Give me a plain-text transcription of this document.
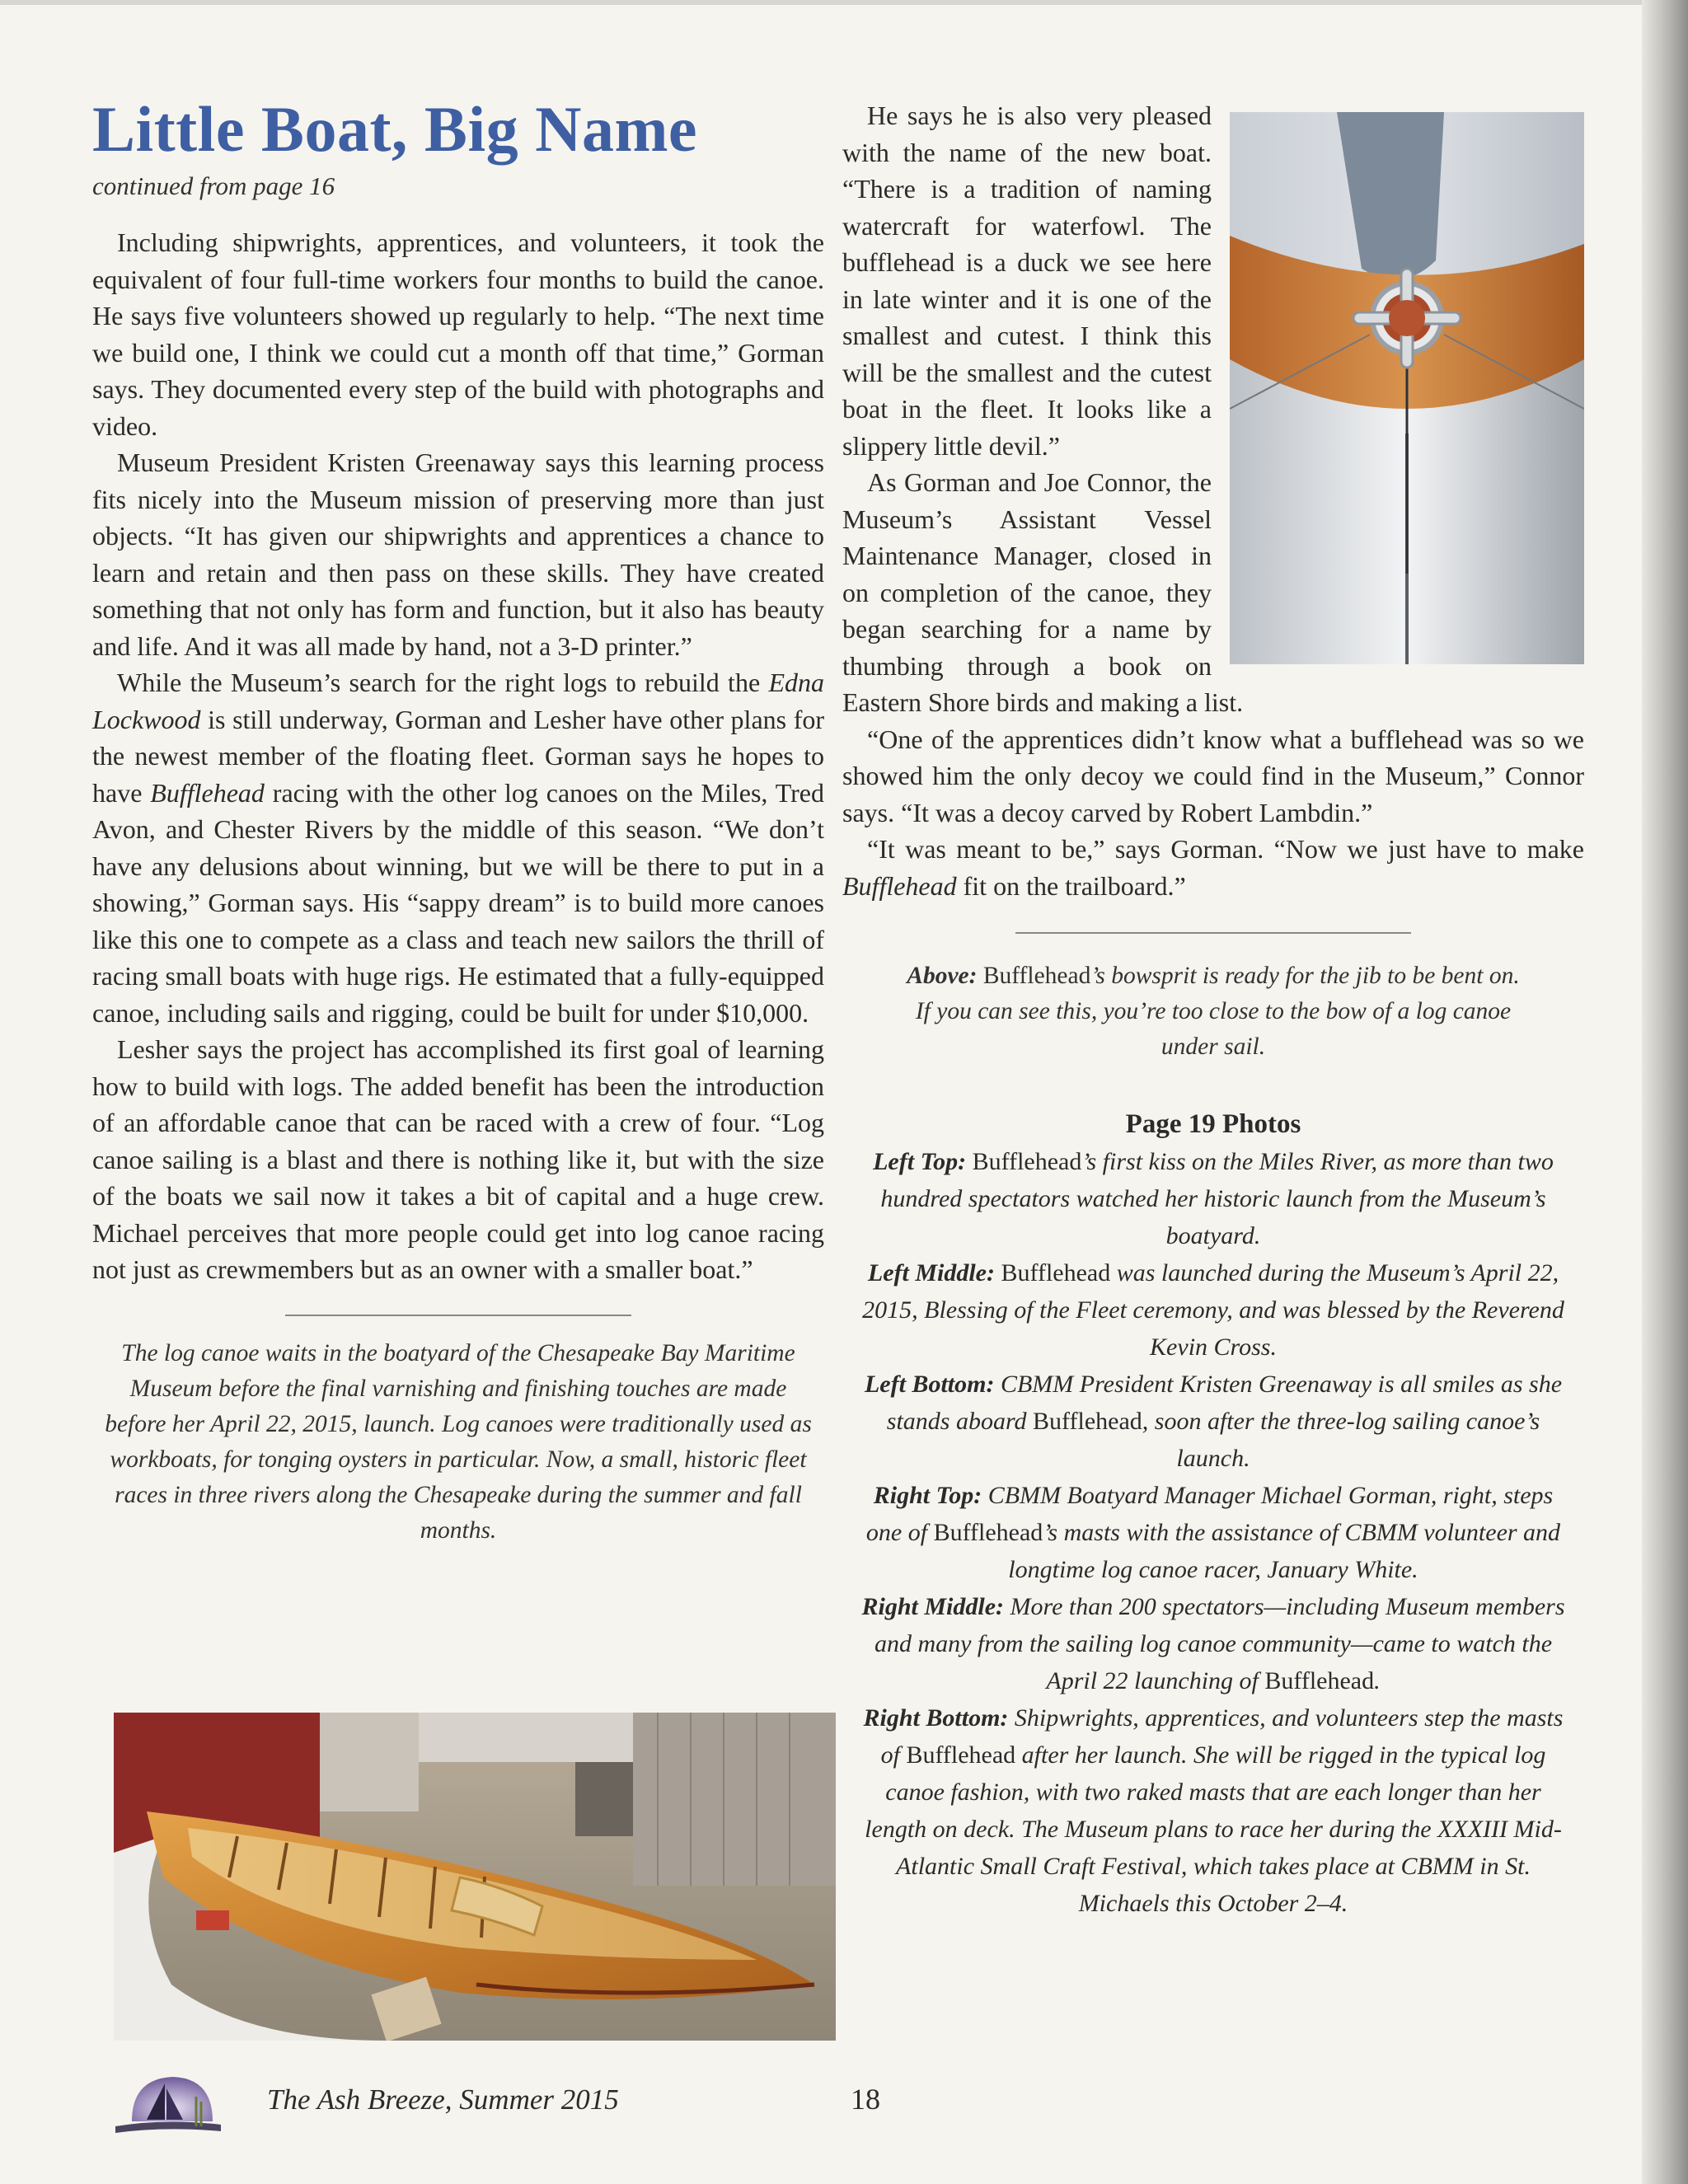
Little Boat, Big Name
continued from page 16

Including shipwrights, apprentices, and volunteers, it took the equivalent of four full-time workers four months to build the canoe. He says five volunteers showed up regularly to help. “The next time we build one, I think we could cut a month off that time,” Gorman says. They documented every step of the build with photographs and video.

Museum President Kristen Greenaway says this learning process fits nicely into the Museum mission of preserving more than just objects. “It has given our shipwrights and apprentices a chance to learn and retain and then pass on these skills. They have created something that not only has form and function, but it also has beauty and life. And it was all made by hand, not a 3-D printer.”

While the Museum’s search for the right logs to rebuild the Edna Lockwood is still underway, Gorman and Lesher have other plans for the newest member of the floating fleet. Gorman says he hopes to have Bufflehead racing with the other log canoes on the Miles, Tred Avon, and Chester Rivers by the middle of this season. “We don’t have any delusions about winning, but we will be there to put in a showing,” Gorman says. His “sappy dream” is to build more canoes like this one to compete as a class and teach new sailors the thrill of racing small boats with huge rigs. He estimated that a fully-equipped canoe, including sails and rigging, could be built for under $10,000.

Lesher says the project has accomplished its first goal of learning how to build with logs. The added benefit has been the introduction of an affordable canoe that can be raced with a crew of four. “Log canoe sailing is a blast and there is nothing like it, but with the size of the boats we sail now it takes a bit of capital and a huge crew. Michael perceives that more people could get into log canoe racing not just as crewmembers but as an owner with a smaller boat.”

The log canoe waits in the boatyard of the Chesapeake Bay Maritime Museum before the final varnishing and finishing touches are made before her April 22, 2015, launch. Log canoes were traditionally used as workboats, for tonging oysters in particular. Now, a small, historic fleet races in three rivers along the Chesapeake during the summer and fall months.

He says he is also very pleased with the name of the new boat. “There is a tradition of naming watercraft for waterfowl. The bufflehead is a duck we see here in late winter and it is one of the smallest and cutest. I think this will be the smallest and the cutest boat in the fleet. It looks like a slippery little devil.”

As Gorman and Joe Connor, the Museum’s Assistant Vessel Maintenance Manager, closed in on completion of the canoe, they began searching for a name by thumbing through a book on Eastern Shore birds and making a list.

“One of the apprentices didn’t know what a bufflehead was so we showed him the only decoy we could find in the Museum,” Connor says. “It was a decoy carved by Robert Lambdin.”

“It was meant to be,” says Gorman. “Now we just have to make Bufflehead fit on the trailboard.”

Above: Bufflehead’s bowsprit is ready for the jib to be bent on. If you can see this, you’re too close to the bow of a log canoe under sail.
Page 19 Photos

Left Top: Bufflehead’s first kiss on the Miles River, as more than two hundred spectators watched her historic launch from the Museum’s boatyard.

Left Middle: Bufflehead was launched during the Museum’s April 22, 2015, Blessing of the Fleet ceremony, and was blessed by the Reverend Kevin Cross.

Left Bottom: CBMM President Kristen Greenaway is all smiles as she stands aboard Bufflehead, soon after the three-log sailing canoe’s launch.

Right Top: CBMM Boatyard Manager Michael Gorman, right, steps one of Bufflehead’s masts with the assistance of CBMM volunteer and longtime log canoe racer, January White.

Right Middle: More than 200 spectators—including Museum members and many from the sailing log canoe community—came to watch the April 22 launching of Bufflehead.

Right Bottom: Shipwrights, apprentices, and volunteers step the masts of Bufflehead after her launch. She will be rigged in the typical log canoe fashion, with two raked masts that are each longer than her length on deck. The Museum plans to race her during the XXXIII Mid-Atlantic Small Craft Festival, which takes place at CBMM in St. Michaels this October 2–4.

The Ash Breeze, Summer 2015	18
